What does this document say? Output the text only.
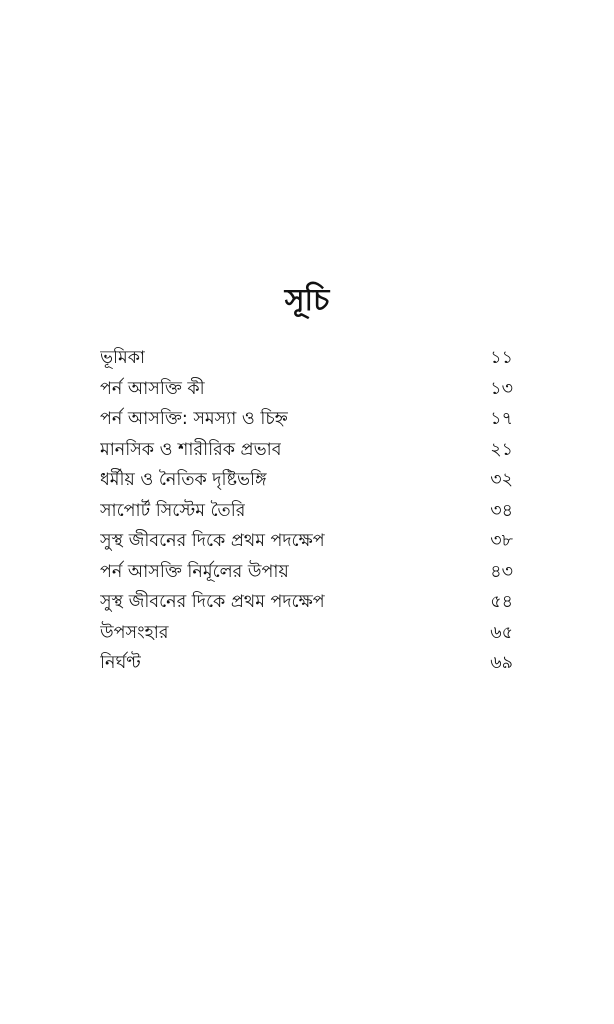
সূচি
ভূমিকা	১১
পর্ন আসক্তি কী	১৩
পর্ন আসক্তি: সমস্যা ও চিহ্ন	১৭
মানসিক ও শারীরিক প্রভাব	২১
ধর্মীয় ও নৈতিক দৃষ্টিভঙ্গি	৩২
সাপোর্ট সিস্টেম তৈরি	৩৪
সুস্থ জীবনের দিকে প্রথম পদক্ষেপ	৩৮
পর্ন আসক্তি নির্মূলের উপায়	৪৩
সুস্থ জীবনের দিকে প্রথম পদক্ষেপ	৫৪
উপসংহার	৬৫
নির্ঘণ্ট	৬৯
